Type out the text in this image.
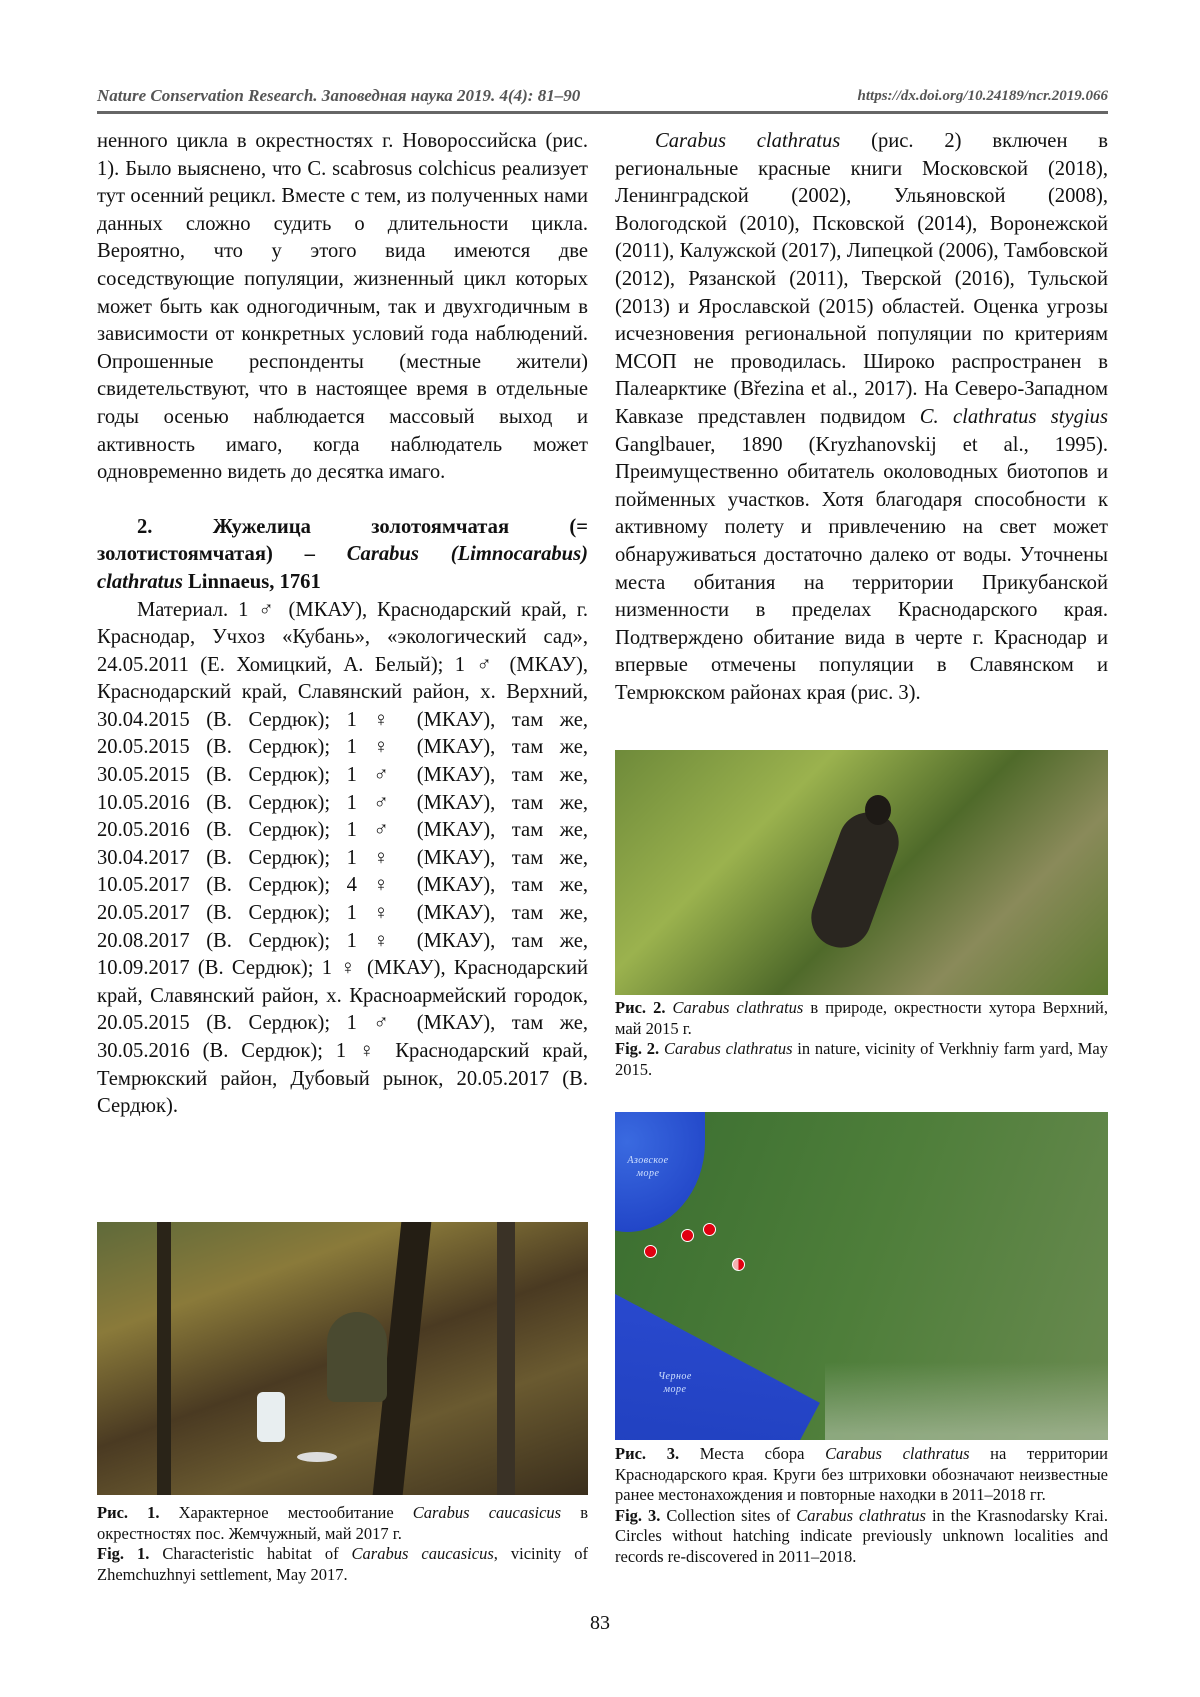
Nature Conservation Research. Заповедная наука 2019. 4(4): 81–90	https://dx.doi.org/10.24189/ncr.2019.066

ненного цикла в окрестностях г. Новороссийска (рис. 1). Было выяснено, что C. scabrosus colchicus реализует тут осенний рецикл. Вместе с тем, из полученных нами данных сложно судить о длительности цикла. Вероятно, что у этого вида имеются две соседствующие популяции, жизненный цикл которых может быть как одногодичным, так и двухгодичным в зависимости от конкретных условий года наблюдений. Опрошенные респонденты (местные жители) свидетельствуют, что в настоящее время в отдельные годы осенью наблюдается массовый выход и активность имаго, когда наблюдатель может одновременно видеть до десятка имаго.

2. Жужелица золотоямчатая (= золотистоямчатая) – Carabus (Limnocarabus) clathratus Linnaeus, 1761

Материал. 1 ♂ (МКАУ), Краснодарский край, г. Краснодар, Учхоз «Кубань», «экологический сад», 24.05.2011 (Е. Хомицкий, А. Белый); 1 ♂ (МКАУ), Краснодарский край, Славянский район, х. Верхний, 30.04.2015 (В. Сердюк); 1 ♀ (МКАУ), там же, 20.05.2015 (В. Сердюк); 1 ♀ (МКАУ), там же, 30.05.2015 (В. Сердюк); 1 ♂ (МКАУ), там же, 10.05.2016 (В. Сердюк); 1 ♂ (МКАУ), там же, 20.05.2016 (В. Сердюк); 1 ♂ (МКАУ), там же, 30.04.2017 (В. Сердюк); 1 ♀ (МКАУ), там же, 10.05.2017 (В. Сердюк); 4 ♀ (МКАУ), там же, 20.05.2017 (В. Сердюк); 1 ♀ (МКАУ), там же, 20.08.2017 (В. Сердюк); 1 ♀ (МКАУ), там же, 10.09.2017 (В. Сердюк); 1 ♀ (МКАУ), Краснодарский край, Славянский район, х. Красноармейский городок, 20.05.2015 (В. Сердюк); 1 ♂ (МКАУ), там же, 30.05.2016 (В. Сердюк); 1 ♀ Краснодарский край, Темрюкский район, Дубовый рынок, 20.05.2017 (В. Сердюк).

Рис. 1. Характерное местообитание Carabus caucasicus в окрестностях пос. Жемчужный, май 2017 г.
Fig. 1. Characteristic habitat of Carabus caucasicus, vicinity of Zhemchuzhnyi settlement, May 2017.

Carabus clathratus (рис. 2) включен в региональные красные книги Московской (2018), Ленинградской (2002), Ульяновской (2008), Вологодской (2010), Псковской (2014), Воронежской (2011), Калужской (2017), Липецкой (2006), Тамбовской (2012), Рязанской (2011), Тверской (2016), Тульской (2013) и Ярославской (2015) областей. Оценка угрозы исчезновения региональной популяции по критериям МСОП не проводилась. Широко распространен в Палеарктике (Březina et al., 2017). На Северо-Западном Кавказе представлен подвидом C. clathratus stygius Ganglbauer, 1890 (Kryzhanovskij et al., 1995). Преимущественно обитатель околоводных биотопов и пойменных участков. Хотя благодаря способности к активному полету и привлечению на свет может обнаруживаться достаточно далеко от воды. Уточнены места обитания на территории Прикубанской низменности в пределах Краснодарского края. Подтверждено обитание вида в черте г. Краснодар и впервые отмечены популяции в Славянском и Темрюкском районах края (рис. 3).

Рис. 2. Carabus clathratus в природе, окрестности хутора Верхний, май 2015 г.
Fig. 2. Carabus clathratus in nature, vicinity of Verkhniy farm yard, May 2015.
Азовское море
Черное море
Рис. 3. Места сбора Carabus clathratus на территории Краснодарского края. Круги без штриховки обозначают неизвестные ранее местонахождения и повторные находки в 2011–2018 гг.
Fig. 3. Collection sites of Carabus clathratus in the Krasnodarsky Krai. Circles without hatching indicate previously unknown localities and records re-discovered in 2011–2018.
83
